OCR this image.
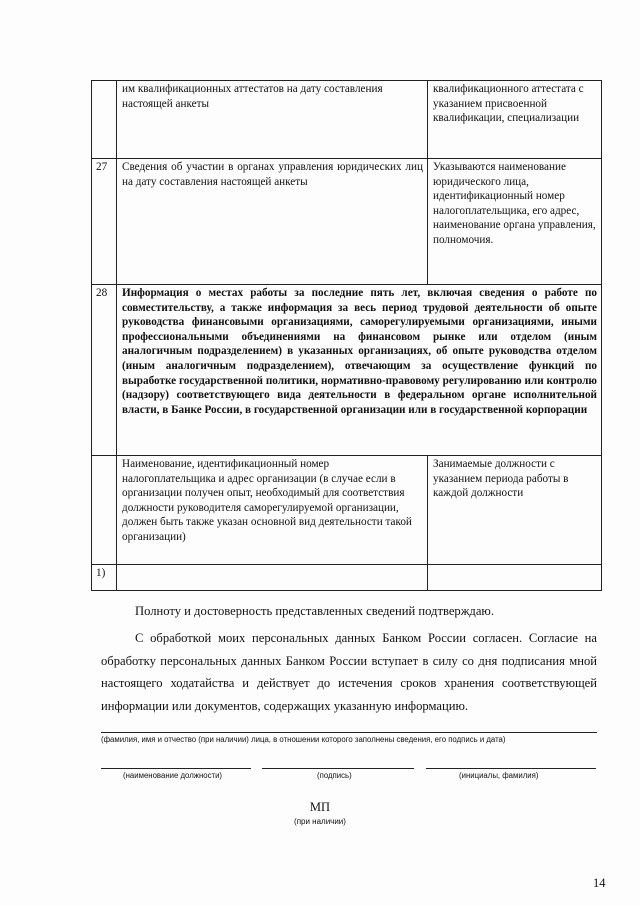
	им квалификационных аттестатов на дату составления настоящей анкеты	квалификационного аттестата с указанием присвоенной квалификации, специализации
27	Сведения об участии в органах управления юридических лиц на дату составления настоящей анкеты	Указываются наименование юридического лица, идентификационный номер налогоплательщика, его адрес, наименование органа управления, полномочия.
28	Информация о местах работы за последние пять лет, включая сведения о работе по совместительству, а также информация за весь период трудовой деятельности об опыте руководства финансовыми организациями, саморегулируемыми организациями, иными профессиональными объединениями на финансовом рынке или отделом (иным аналогичным подразделением) в указанных организациях, об опыте руководства отделом (иным аналогичным подразделением), отвечающим за осуществление функций по выработке государственной политики, нормативно-правовому регулированию или контролю (надзору) соответствующего вида деятельности в федеральном органе исполнительной власти, в Банке России, в государственной организации или в государственной корпорации	
	Наименование, идентификационный номер налогоплательщика и адрес организации (в случае если в организации получен опыт, необходимый для соответствия должности руководителя саморегулируемой организации, должен быть также указан основной вид деятельности такой организации)	Занимаемые должности с указанием периода работы в каждой должности
1)		
Полноту и достоверность представленных сведений подтверждаю.
С обработкой моих персональных данных Банком России согласен. Согласие на обработку персональных данных Банком России вступает в силу со дня подписания мной настоящего ходатайства и действует до истечения сроков хранения соответствующей информации или документов, содержащих указанную информацию.
(фамилия, имя и отчество (при наличии) лица, в отношении которого заполнены сведения, его подпись и дата)
(наименование должности)	(подпись)	(инициалы, фамилия)
МП
(при наличии)
14
